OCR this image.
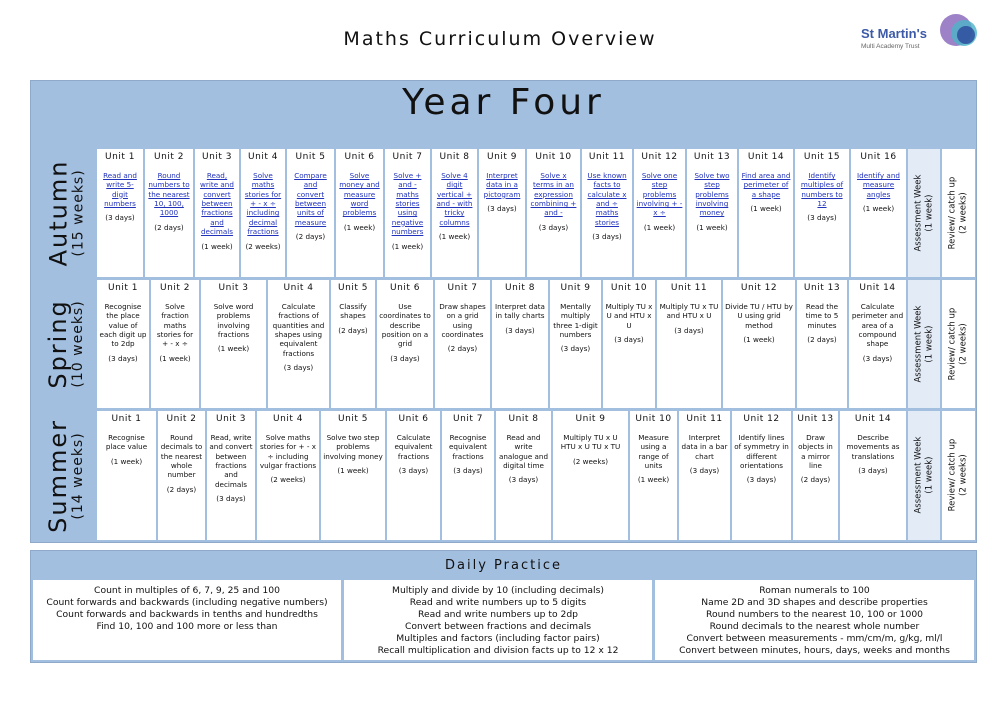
Maths Curriculum Overview	St Martin's
Multi Academy Trust
Year Four
Autumn
(15 weeks)
Unit 1
Read and write 5-digit numbers
(3 days)
Unit 2
Round numbers to the nearest 10, 100, 1000
(2 days)
Unit 3
Read, write and convert between fractions and decimals
(1 week)
Unit 4
Solve maths stories for + - x ÷ including decimal fractions
(2 weeks)
Unit 5
Compare and convert between units of measure
(2 days)
Unit 6
Solve money and measure word problems
(1 week)
Unit 7
Solve + and - maths stories using negative numbers
(1 week)
Unit 8
Solve 4 digit vertical + and - with tricky columns
(1 week)
Unit 9
Interpret data in a pictogram
(3 days)
Unit 10
Solve x terms in an expression combining + and -
(3 days)
Unit 11
Use known facts to calculate x and ÷ maths stories
(3 days)
Unit 12
Solve one step problems involving + - x ÷
(1 week)
Unit 13
Solve two step problems involving money
(1 week)
Unit 14
Find area and perimeter of a shape
(1 week)
Unit 15
Identify multiples of numbers to 12
(3 days)
Unit 16
Identify and measure angles
(1 week)	Assessment Week (1 week) Review/ catch up (2 weeks)
Spring
(10 weeks)
Unit 1
Recognise the place value of each digit up to 2dp
(3 days)
Unit 2
Solve fraction maths stories for + - x ÷
(1 week)
Unit 3
Solve word problems involving fractions
(1 week)
Unit 4
Calculate fractions of quantities and shapes using equivalent fractions
(3 days)
Unit 5
Classify shapes
(2 days)
Unit 6
Use coordinates to describe position on a grid
(3 days)
Unit 7
Draw shapes on a grid using coordinates
(2 days)
Unit 8
Interpret data in tally charts
(3 days)
Unit 9
Mentally multiply three 1-digit numbers
(3 days)
Unit 10
Multiply TU x U and HTU x U
(3 days)
Unit 11
Multiply TU x TU and HTU x U
(3 days)
Unit 12
Divide TU / HTU by U using grid method
(1 week)
Unit 13
Read the time to 5 minutes
(2 days)
Unit 14
Calculate perimeter and area of a compound shape
(3 days)	Assessment Week (1 week) Review/ catch up (2 weeks)
Summer
(14 weeks)
Unit 1
Recognise place value
(1 week)
Unit 2
Round decimals to the nearest whole number
(2 days)
Unit 3
Read, write and convert between fractions and decimals
(3 days)
Unit 4
Solve maths stories for + - x ÷ including vulgar fractions
(2 weeks)
Unit 5
Solve two step problems involving money
(1 week)
Unit 6
Calculate equivalent fractions
(3 days)
Unit 7
Recognise equivalent fractions
(3 days)
Unit 8
Read and write analogue and digital time
(3 days)
Unit 9
Multiply TU x U HTU x U TU x TU
(2 weeks)
Unit 10
Measure using a range of units
(1 week)
Unit 11
Interpret data in a bar chart
(3 days)
Unit 12
Identify lines of symmetry in different orientations
(3 days)
Unit 13
Draw objects in a mirror line
(2 days)
Unit 14
Describe movements as translations
(3 days)	Assessment Week (1 week) Review/ catch up (2 weeks)
Daily Practice
Count in multiples of 6, 7, 9, 25 and 100
Count forwards and backwards (including negative numbers)
Count forwards and backwards in tenths and hundredths
Find 10, 100 and 100 more or less than
Multiply and divide by 10 (including decimals)
Read and write numbers up to 5 digits
Read and write numbers up to 2dp
Convert between fractions and decimals
Multiples and factors (including factor pairs)
Recall multiplication and division facts up to 12 x 12
Roman numerals to 100
Name 2D and 3D shapes and describe properties
Round numbers to the nearest 10, 100 or 1000
Round decimals to the nearest whole number
Convert between measurements - mm/cm/m, g/kg, ml/l
Convert between minutes, hours, days, weeks and months
